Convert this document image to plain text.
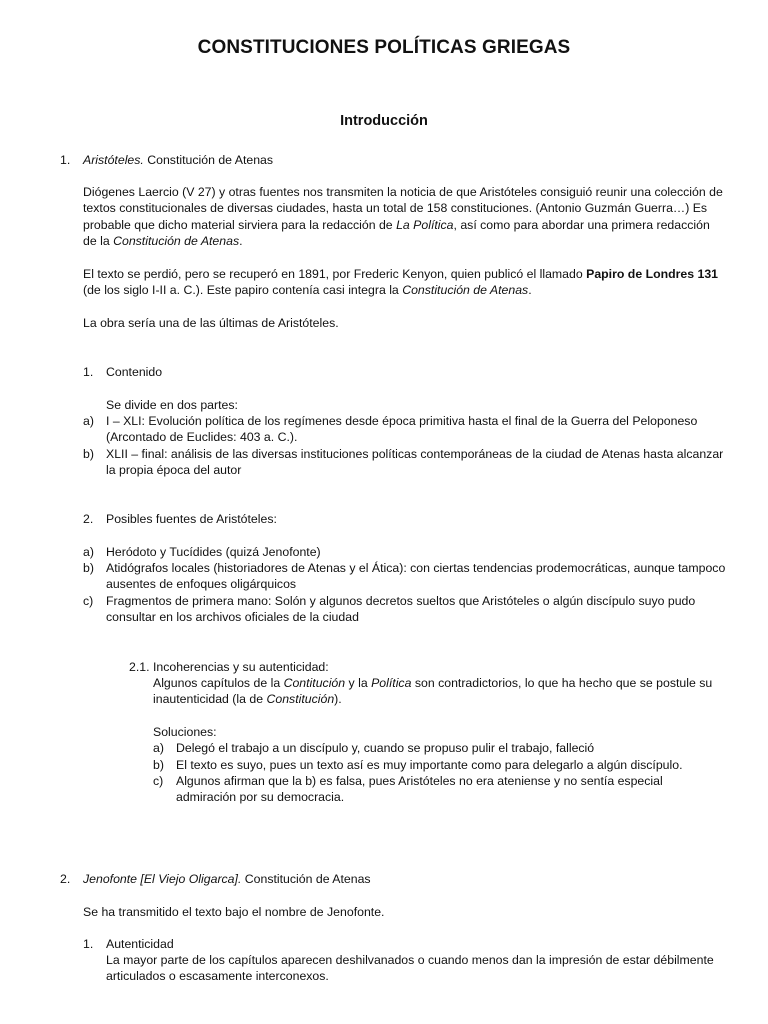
CONSTITUCIONES POLÍTICAS GRIEGAS
Introducción
1. Aristóteles. Constitución de Atenas
Diógenes Laercio (V 27) y otras fuentes nos transmiten la noticia de que Aristóteles consiguió reunir una colección de textos constitucionales de diversas ciudades, hasta un total de 158 constituciones. (Antonio Guzmán Guerra…) Es probable que dicho material sirviera para la redacción de La Política, así como para abordar una primera redacción de la Constitución de Atenas.
El texto se perdió, pero se recuperó en 1891, por Frederic Kenyon, quien publicó el llamado Papiro de Londres 131 (de los siglo I-II a. C.). Este papiro contenía casi integra la Constitución de Atenas.
La obra sería una de las últimas de Aristóteles.
1. Contenido
Se divide en dos partes:
a) I – XLI: Evolución política de los regímenes desde época primitiva hasta el final de la Guerra del Peloponeso (Arcontado de Euclides: 403 a. C.).
b) XLII – final: análisis de las diversas instituciones políticas contemporáneas de la ciudad de Atenas hasta alcanzar la propia época del autor
2. Posibles fuentes de Aristóteles:
a) Heródoto y Tucídides (quizá Jenofonte)
b) Atidógrafos locales (historiadores de Atenas y el Ática): con ciertas tendencias prodemocráticas, aunque tampoco ausentes de enfoques oligárquicos
c) Fragmentos de primera mano: Solón y algunos decretos sueltos que Aristóteles o algún discípulo suyo pudo consultar en los archivos oficiales de la ciudad
2.1. Incoherencias y su autenticidad:
Algunos capítulos de la Contitución y la Política son contradictorios, lo que ha hecho que se postule su inautenticidad (la de Constitución).
Soluciones:
a) Delegó el trabajo a un discípulo y, cuando se propuso pulir el trabajo, falleció
b) El texto es suyo, pues un texto así es muy importante como para delegarlo a algún discípulo.
c) Algunos afirman que la b) es falsa, pues Aristóteles no era ateniense y no sentía especial admiración por su democracia.
2. Jenofonte [El Viejo Oligarca]. Constitución de Atenas
Se ha transmitido el texto bajo el nombre de Jenofonte.
1. Autenticidad
La mayor parte de los capítulos aparecen deshilvanados o cuando menos dan la impresión de estar débilmente articulados o escasamente interconexos.
